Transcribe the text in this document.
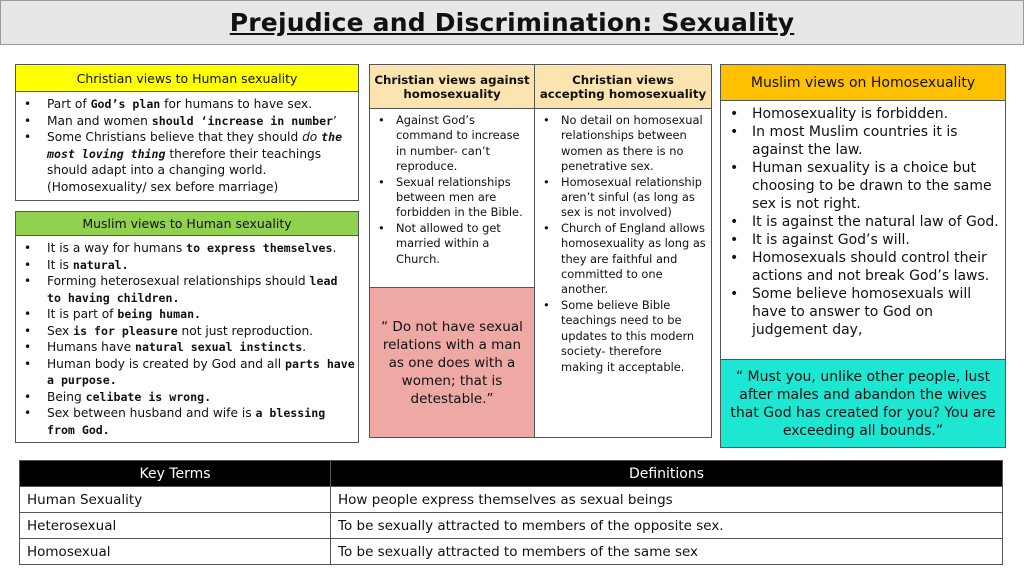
Prejudice and Discrimination: Sexuality
Christian views to Human sexuality
• Part of God’s plan for humans to have sex.
• Man and women should ‘increase in number’
• Some Christians believe that they should do the most loving thing therefore their teachings should adapt into a changing world. (Homosexuality/ sex before marriage)
Muslim views to Human sexuality
• It is a way for humans to express themselves.
• It is natural.
• Forming heterosexual relationships should lead to having children.
• It is part of being human.
• Sex is for pleasure not just reproduction.
• Humans have natural sexual instincts.
• Human body is created by God and all parts have a purpose.
• Being celibate is wrong.
• Sex between husband and wife is a blessing from God.
Christian views against homosexuality
• Against God’s command to increase in number- can’t reproduce.
• Sexual relationships between men are forbidden in the Bible.
• Not allowed to get married within a Church.
“ Do not have sexual relations with a man as one does with a women; that is detestable.”
Christian views accepting homosexuality
• No detail on homosexual relationships between women as there is no penetrative sex.
• Homosexual relationship aren’t sinful (as long as sex is not involved)
• Church of England allows homosexuality as long as they are faithful and committed to one another.
• Some believe Bible teachings need to be updates to this modern society- therefore making it acceptable.
Muslim views on Homosexuality
• Homosexuality is forbidden.
• In most Muslim countries it is against the law.
• Human sexuality is a choice but choosing to be drawn to the same sex is not right.
• It is against the natural law of God.
• It is against God’s will.
• Homosexuals should control their actions and not break God’s laws.
• Some believe homosexuals will have to answer to God on judgement day,
“ Must you, unlike other people, lust after males and abandon the wives that God has created for you? You are exceeding all bounds.”
Key Terms	Definitions
Human Sexuality	How people express themselves as sexual beings
Heterosexual	To be sexually attracted to members of the opposite sex.
Homosexual	To be sexually attracted to members of the same sex
